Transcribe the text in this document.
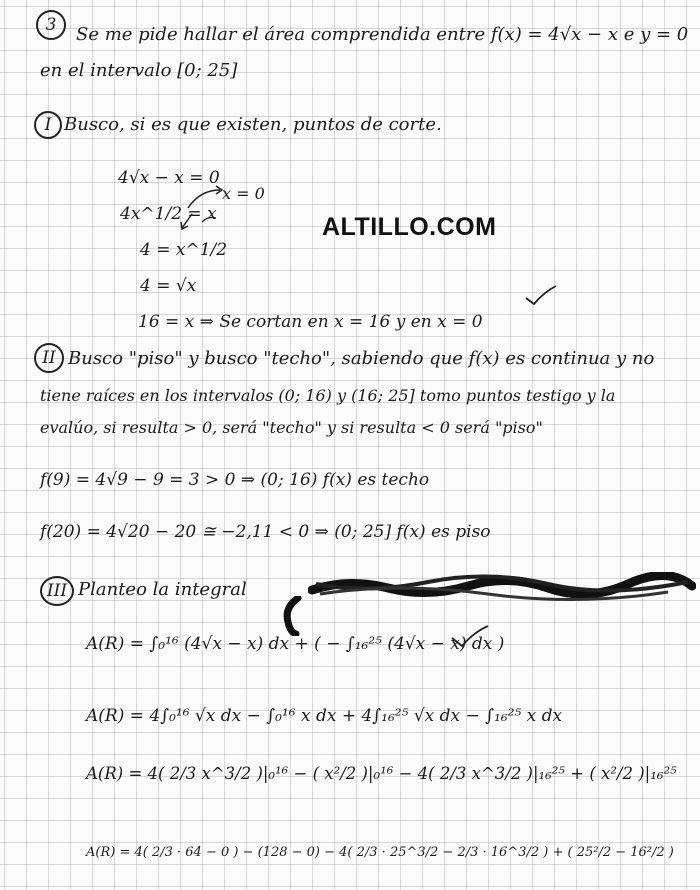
3 Se me pide hallar el área comprendida entre f(x) = 4√x − x e y = 0
en el intervalo [0; 25]
I Busco, si es que existen, puntos de corte.
4√x − x = 0
4x^1/2 = x
x = 0
4 = x^1/2
4 = √x
16 = x ⇒ Se cortan en x = 16 y en x = 0
ALTILLO.COM
II Busco "piso" y busco "techo", sabiendo que f(x) es continua y no
tiene raíces en los intervalos (0; 16) y (16; 25] tomo puntos testigo y la
evalúo, si resulta > 0, será "techo" y si resulta < 0 será "piso"
f(9) = 4√9 − 9 = 3 > 0 ⇒ (0; 16) f(x) es techo
f(20) = 4√20 − 20 ≅ −2,11 < 0 ⇒ (0; 25] f(x) es piso
III Planteo la integral
A(R) = ∫₀¹⁶ (4√x − x) dx + ( − ∫₁₆²⁵ (4√x − x) dx )
A(R) = 4∫₀¹⁶ √x dx − ∫₀¹⁶ x dx + 4∫₁₆²⁵ √x dx − ∫₁₆²⁵ x dx
A(R) = 4( 2/3 x^3/2 )|₀¹⁶ − ( x²/2 )|₀¹⁶ − 4( 2/3 x^3/2 )|₁₆²⁵ + ( x²/2 )|₁₆²⁵
A(R) = 4( 2/3 · 64 − 0 ) − (128 − 0) − 4( 2/3 · 25^3/2 − 2/3 · 16^3/2 ) + ( 25²/2 − 16²/2 )
